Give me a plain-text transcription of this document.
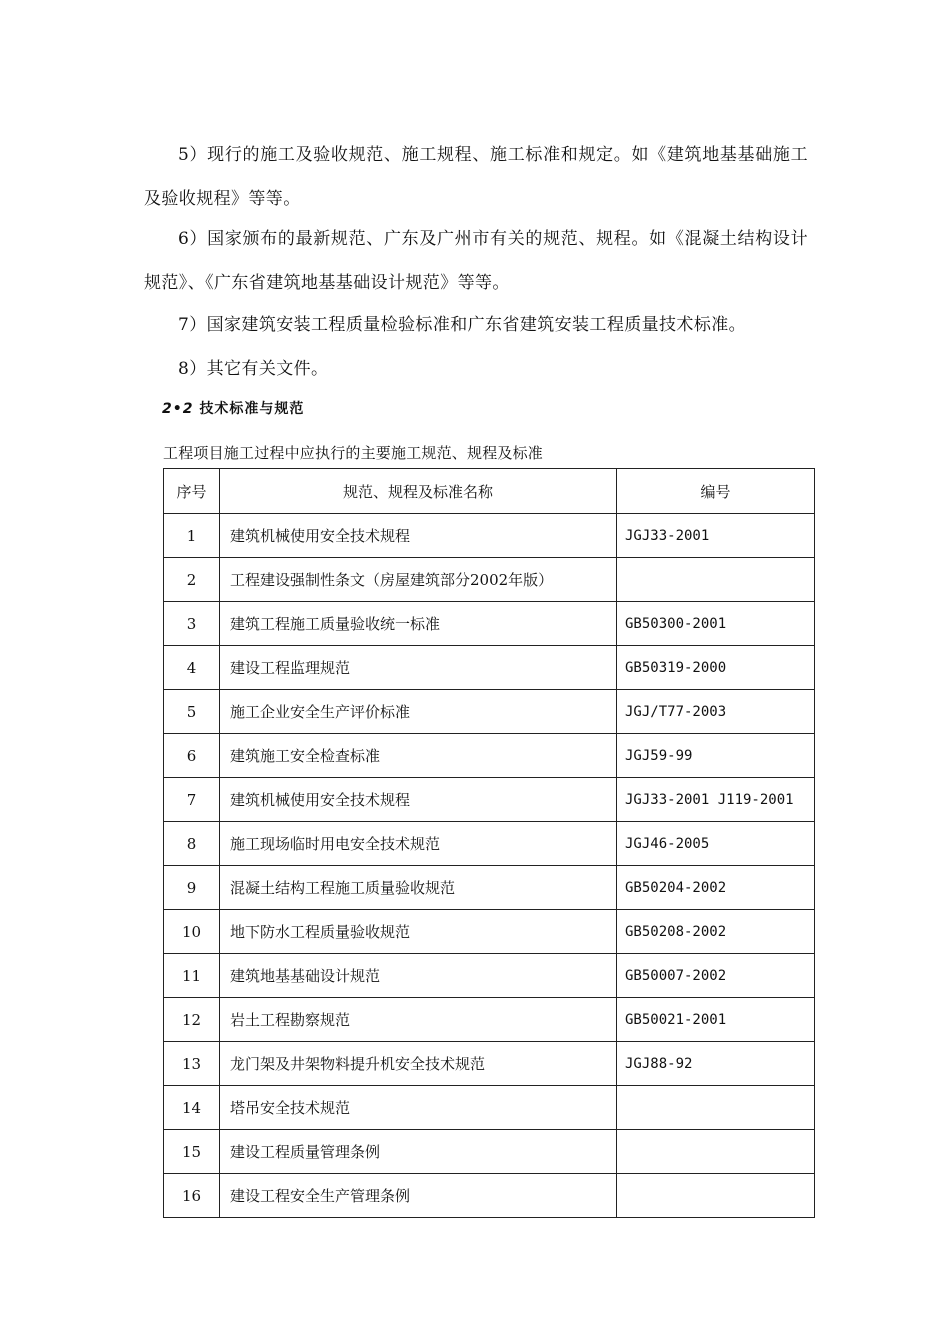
5）现行的施工及验收规范、施工规程、施工标准和规定。如《建筑地基基础施工及验收规程》等等。

6）国家颁布的最新规范、广东及广州市有关的规范、规程。如《混凝土结构设计规范》、《广东省建筑地基基础设计规范》等等。

7）国家建筑安装工程质量检验标准和广东省建筑安装工程质量技术标准。

8）其它有关文件。

2•2 技术标准与规范

工程项目施工过程中应执行的主要施工规范、规程及标准

序号	规范、规程及标准名称	编号
1	建筑机械使用安全技术规程	JGJ33-2001
2	工程建设强制性条文（房屋建筑部分2002年版）	
3	建筑工程施工质量验收统一标准	GB50300-2001
4	建设工程监理规范	GB50319-2000
5	施工企业安全生产评价标准	JGJ/T77-2003
6	建筑施工安全检查标准	JGJ59-99
7	建筑机械使用安全技术规程	JGJ33-2001 J119-2001
8	施工现场临时用电安全技术规范	JGJ46-2005
9	混凝土结构工程施工质量验收规范	GB50204-2002
10	地下防水工程质量验收规范	GB50208-2002
11	建筑地基基础设计规范	GB50007-2002
12	岩土工程勘察规范	GB50021-2001
13	龙门架及井架物料提升机安全技术规范	JGJ88-92
14	塔吊安全技术规范	
15	建设工程质量管理条例	
16	建设工程安全生产管理条例	
